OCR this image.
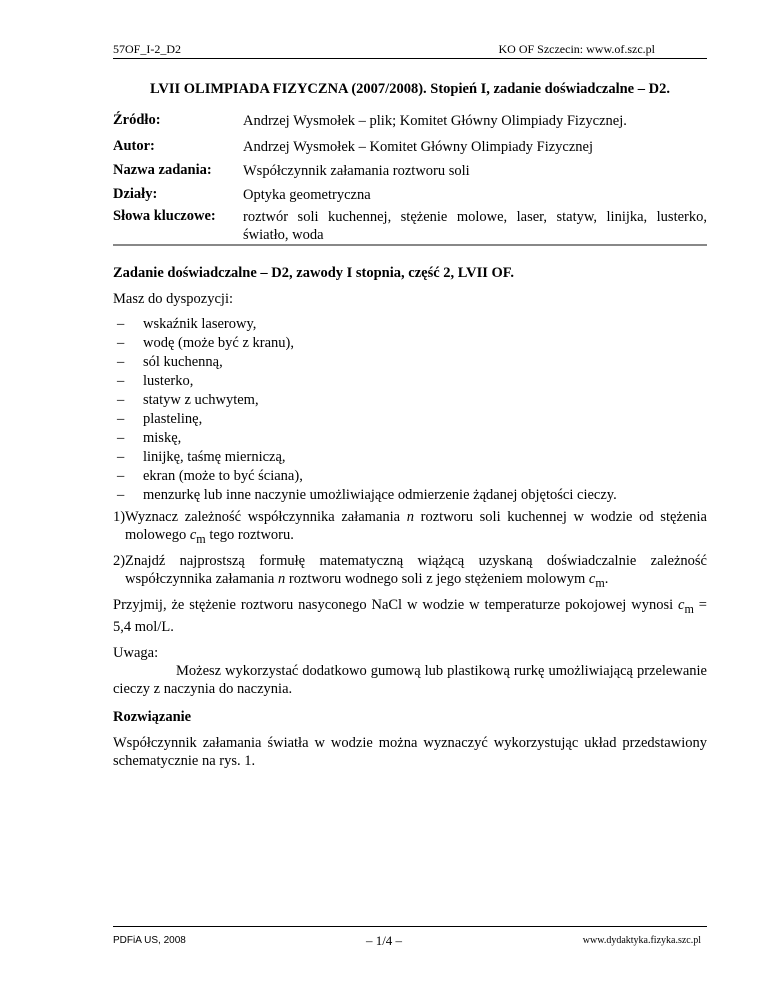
57OF_I-2_D2	KO OF Szczecin: www.of.szc.pl
LVII OLIMPIADA FIZYCZNA (2007/2008). Stopień I, zadanie doświadczalne – D2.
Źródło:	Andrzej Wysmołek – plik; Komitet Główny Olimpiady Fizycznej.
Autor:	Andrzej Wysmołek – Komitet Główny Olimpiady Fizycznej
Nazwa zadania:	Współczynnik załamania roztworu soli
Działy:	Optyka geometryczna
Słowa kluczowe:	roztwór soli kuchennej, stężenie molowe, laser, statyw, linijka, lusterko, światło, woda
Zadanie doświadczalne – D2, zawody I stopnia, część 2, LVII OF.
Masz do dyspozycji:
– wskaźnik laserowy,
– wodę (może być z kranu),
– sól kuchenną,
– lusterko,
– statyw z uchwytem,
– plastelinę,
– miskę,
– linijkę, taśmę mierniczą,
– ekran (może to być ściana),
– menzurkę lub inne naczynie umożliwiające odmierzenie żądanej objętości cieczy.
1) Wyznacz zależność współczynnika załamania n roztworu soli kuchennej w wodzie od stężenia molowego $c_m$ tego roztworu.
2) Znajdź najprostszą formułę matematyczną wiążącą uzyskaną doświadczalnie zależność współczynnika załamania n roztworu wodnego soli z jego stężeniem molowym $c_m$.
Przyjmij, że stężenie roztworu nasyconego NaCl w wodzie w temperaturze pokojowej wynosi $c_m = 5,4$ mol/L.
Uwaga:
Możesz wykorzystać dodatkowo gumową lub plastikową rurkę umożliwiającą przelewanie cieczy z naczynia do naczynia.
Rozwiązanie
Współczynnik załamania światła w wodzie można wyznaczyć wykorzystując układ przedstawiony schematycznie na rys. 1.
PDFiA US, 2008	– 1/4 –	www.dydaktyka.fizyka.szc.pl
